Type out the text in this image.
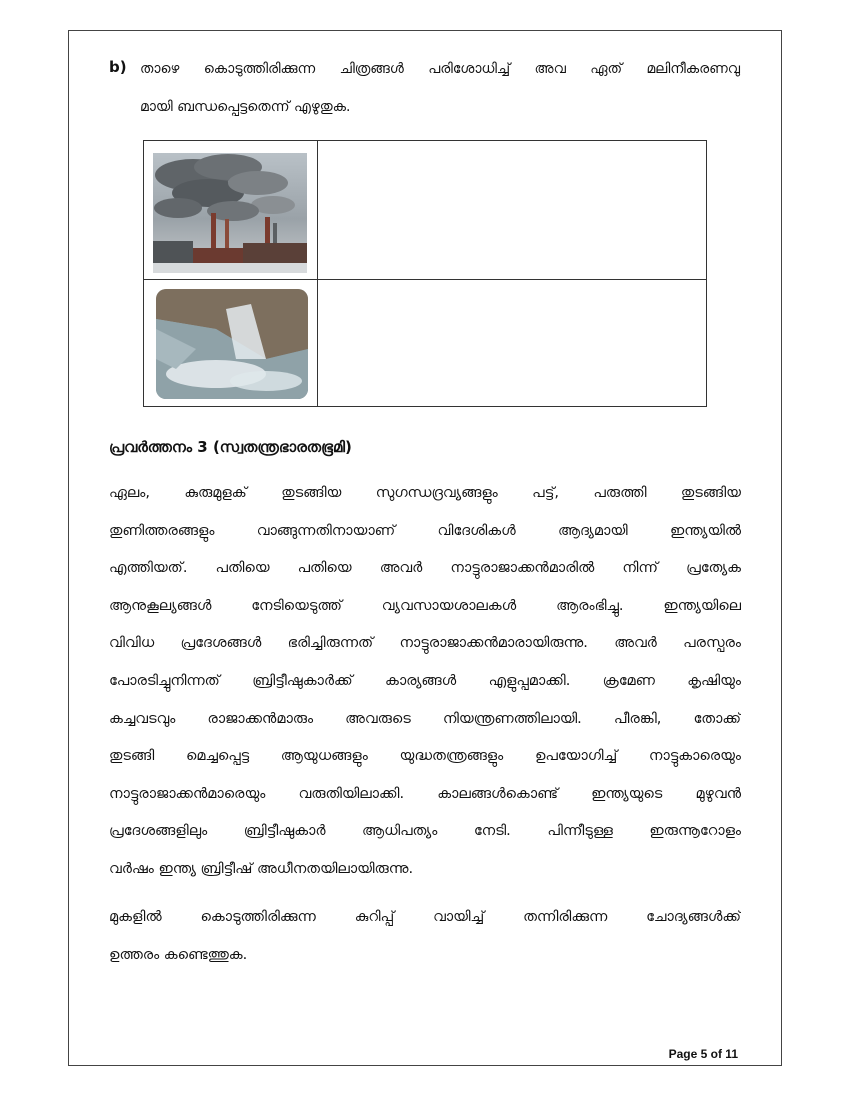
b) താഴെ കൊടുത്തിരിക്കുന്ന ചിത്രങ്ങൾ പരിശോധിച്ച് അവ ഏത് മലിനീകരണവു
മായി ബന്ധപ്പെട്ടതെന്ന് എഴുതുക.

പ്രവർത്തനം 3 (സ്വതന്ത്രഭാരതഭൂമി)
ഏലം, കുരുമുളക് തുടങ്ങിയ സുഗന്ധദ്രവ്യങ്ങളും പട്ട്, പരുത്തി തുടങ്ങിയ
തുണിത്തരങ്ങളും വാങ്ങുന്നതിനായാണ് വിദേശികൾ ആദ്യമായി ഇന്ത്യയിൽ
എത്തിയത്. പതിയെ പതിയെ അവർ നാട്ടുരാജാക്കൻമാരിൽ നിന്ന് പ്രത്യേക
ആനുകൂല്യങ്ങൾ നേടിയെടുത്ത് വ്യവസായശാലകൾ ആരംഭിച്ചു. ഇന്ത്യയിലെ
വിവിധ പ്രദേശങ്ങൾ ഭരിച്ചിരുന്നത് നാട്ടുരാജാക്കൻമാരായിരുന്നു. അവർ പരസ്പരം
പോരടിച്ചുനിന്നത് ബ്രിട്ടീഷുകാർക്ക് കാര്യങ്ങൾ എളുപ്പമാക്കി. ക്രമേണ കൃഷിയും
കച്ചവടവും രാജാക്കൻമാരും അവരുടെ നിയന്ത്രണത്തിലായി. പീരങ്കി, തോക്ക്
തുടങ്ങി മെച്ചപ്പെട്ട ആയുധങ്ങളും യുദ്ധതന്ത്രങ്ങളും ഉപയോഗിച്ച് നാട്ടുകാരെയും
നാട്ടുരാജാക്കൻമാരെയും വരുതിയിലാക്കി. കാലങ്ങൾകൊണ്ട് ഇന്ത്യയുടെ മുഴുവൻ
പ്രദേശങ്ങളിലും ബ്രിട്ടീഷുകാർ ആധിപത്യം നേടി. പിന്നീടുള്ള ഇരുന്നൂറോളം
വർഷം ഇന്ത്യ ബ്രിട്ടീഷ് അധീനതയിലായിരുന്നു.
മുകളിൽ കൊടുത്തിരിക്കുന്ന കുറിപ്പ് വായിച്ച് തന്നിരിക്കുന്ന ചോദ്യങ്ങൾക്ക്
ഉത്തരം കണ്ടെത്തുക.
Page 5 of 11
